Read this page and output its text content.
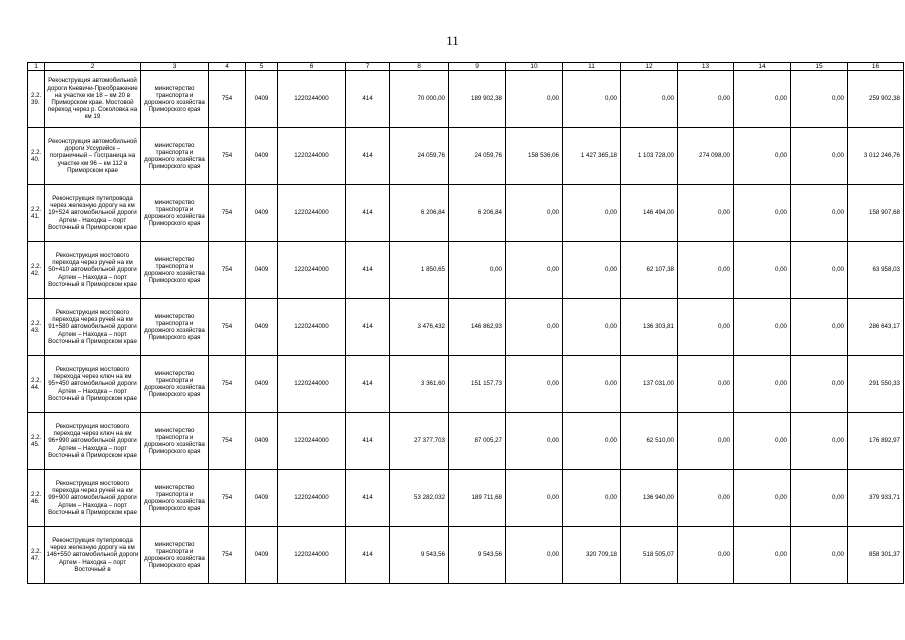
11
1	2	3	4	5	6	7	8	9	10	11	12	13	14	15	16
2.2. 39.	Реконструкция автомобильной дороги Кневичи-Преображение на участке км 18 – км 20 в Приморском крае. Мостовой переход через р. Соколовка на км 19	министерство транспорта и дорожного хозяйства Приморского края	754	0409	1220244000	414	70 000,00	189 902,38	0,00	0,00	0,00	0,00	0,00	0,00	259 902,38
2.2. 40.	Реконструкция автомобильной дороги Уссурийск – пограничный – Госграница на участке км 96 – км 112 в Приморском крае	министерство транспорта и дорожного хозяйства Приморского края	754	0409	1220244000	414	24 059,76	24 059,76	158 536,06	1 427 365,18	1 103 728,00	274 098,00	0,00	0,00	3 012 246,76
2.2. 41.	Реконструкция путепровода через железную дорогу на км 19+524 автомобильной дороги Артем - Находка – порт Восточный в Приморском крае	министерство транспорта и дорожного хозяйства Приморского края	754	0409	1220244000	414	6 206,84	6 206,84	0,00	0,00	146 494,00	0,00	0,00	0,00	158 907,68
2.2. 42.	Реконструкция мостового перехода через ручей на км 50+410 автомобильной дороги Артем – Находка – порт Восточный в Приморском крае	министерство транспорта и дорожного хозяйства Приморского края	754	0409	1220244000	414	1 850,65	0,00	0,00	0,00	62 107,38	0,00	0,00	0,00	63 958,03
2.2. 43.	Реконструкция мостового перехода через ручей на км 91+580 автомобильной дороги Артем – Находка – порт Восточный в Приморском крае	министерство транспорта и дорожного хозяйства Приморского края	754	0409	1220244000	414	3 476,432	146 862,93	0,00	0,00	136 303,81	0,00	0,00	0,00	286 643,17
2.2. 44.	Реконструкция мостового перехода через ключ на км 95+450 автомобильной дороги Артем – Находка – порт Восточный в Приморском крае	министерство транспорта и дорожного хозяйства Приморского края	754	0409	1220244000	414	3 361,60	151 157,73	0,00	0,00	137 031,00	0,00	0,00	0,00	291 550,33
2.2. 45.	Реконструкция мостового перехода через ключ на км 96+990 автомобильной дороги Артем – Находка – порт Восточный в Приморском крае	министерство транспорта и дорожного хозяйства Приморского края	754	0409	1220244000	414	27 377,703	87 005,27	0,00	0,00	62 510,00	0,00	0,00	0,00	176 892,97
2.2. 46.	Реконструкция мостового перехода через ручей на км 99+900 автомобильной дороги Артем – Находка – порт Восточный в Приморском крае	министерство транспорта и дорожного хозяйства Приморского края	754	0409	1220244000	414	53 282,032	189 711,68	0,00	0,00	136 940,00	0,00	0,00	0,00	379 933,71
2.2. 47.	Реконструкция путепровода через железную дорогу на км 146+550 автомобильной дороги Артем - Находка – порт Восточный в	министерство транспорта и дорожного хозяйства Приморского края	754	0409	1220244000	414	9 543,56	9 543,56	0,00	320 709,18	518 505,07	0,00	0,00	0,00	858 301,37
